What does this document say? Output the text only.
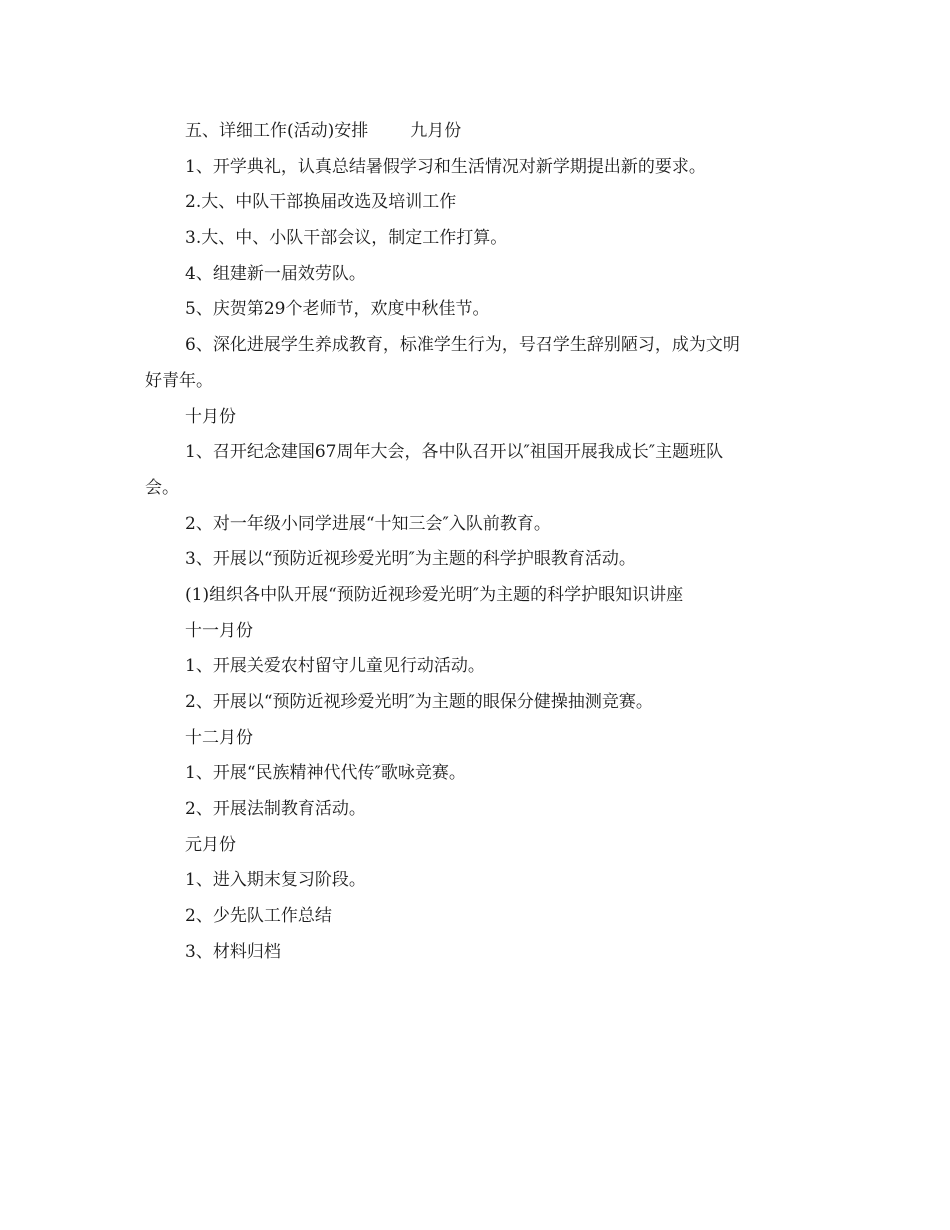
五、详细工作(活动)安排 九月份
1、开学典礼，认真总结暑假学习和生活情况对新学期提出新的要求。
2.大、中队干部换届改选及培训工作
3.大、中、小队干部会议，制定工作打算。
4、组建新一届效劳队。
5、庆贺第29个老师节，欢度中秋佳节。
6、深化进展学生养成教育，标准学生行为，号召学生辞别陋习，成为文明
好青年。
十月份
1、召开纪念建国67周年大会，各中队召开以″祖国开展我成长″主题班队
会。
2、对一年级小同学进展“十知三会″入队前教育。
3、开展以“预防近视珍爱光明″为主题的科学护眼教育活动。
(1)组织各中队开展“预防近视珍爱光明″为主题的科学护眼知识讲座
十一月份
1、开展关爱农村留守儿童见行动活动。
2、开展以“预防近视珍爱光明″为主题的眼保分健操抽测竞赛。
十二月份
1、开展“民族精神代代传″歌咏竞赛。
2、开展法制教育活动。
元月份
1、进入期末复习阶段。
2、少先队工作总结
3、材料归档
